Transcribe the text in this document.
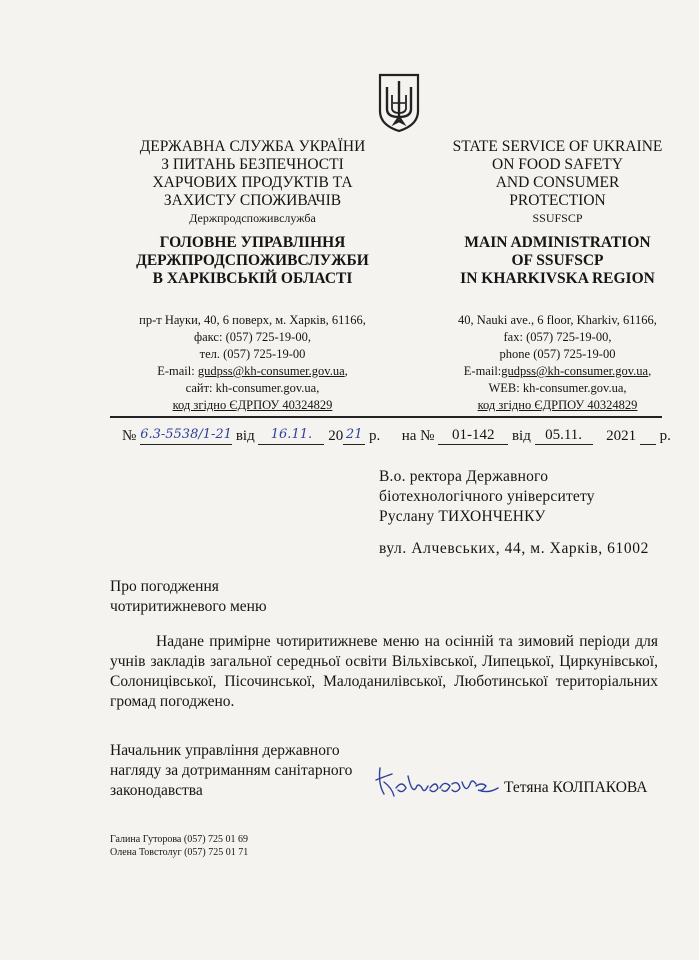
ДЕРЖАВНА СЛУЖБА УКРАЇНИ
З ПИТАНЬ БЕЗПЕЧНОСТІ
ХАРЧОВИХ ПРОДУКТІВ ТА
ЗАХИСТУ СПОЖИВАЧІВ
Держпродспоживслужба
ГОЛОВНЕ УПРАВЛІННЯ
ДЕРЖПРОДСПОЖИВСЛУЖБИ
В ХАРКІВСЬКІЙ ОБЛАСТІ
пр-т Науки, 40, 6 поверх, м. Харків, 61166,
факс: (057) 725-19-00,
тел. (057) 725-19-00
E-mail: gudpss@kh-consumer.gov.ua,
сайт: kh-consumer.gov.ua,
код згідно ЄДРПОУ 40324829
STATE SERVICE OF UKRAINE
ON FOOD SAFETY
AND CONSUMER
PROTECTION
SSUFSCP
MAIN ADMINISTRATION
OF SSUFSCP
IN KHARKIVSKA REGION
40, Nauki ave., 6 floor, Kharkiv, 61166,
fax: (057) 725-19-00,
phone (057) 725-19-00
E-mail:gudpss@kh-consumer.gov.ua,
WEB: kh-consumer.gov.ua,
код згідно ЄДРПОУ 40324829
№ 6.3-5538/1-21 від 16.11. 20 21 р. на № 01-142 від 05.11. 2021 р.
В.о. ректора Державного
біотехнологічного університету
Руслану ТИХОНЧЕНКУ
вул. Алчевських, 44, м. Харків, 61002
Про погодження
чотиритижневого меню
Надане примірне чотиритижневе меню на осінній та зимовий періоди для учнів закладів загальної середньої освіти Вільхівської, Липецької, Циркунівської, Солоницівської, Пісочинської, Малоданилівської, Люботинської територіальних громад погоджено.
Начальник управління державного
нагляду за дотриманням санітарного
законодавства	Тетяна КОЛПАКОВА
Галина Гуторова (057) 725 01 69
Олена Товстолуг (057) 725 01 71
